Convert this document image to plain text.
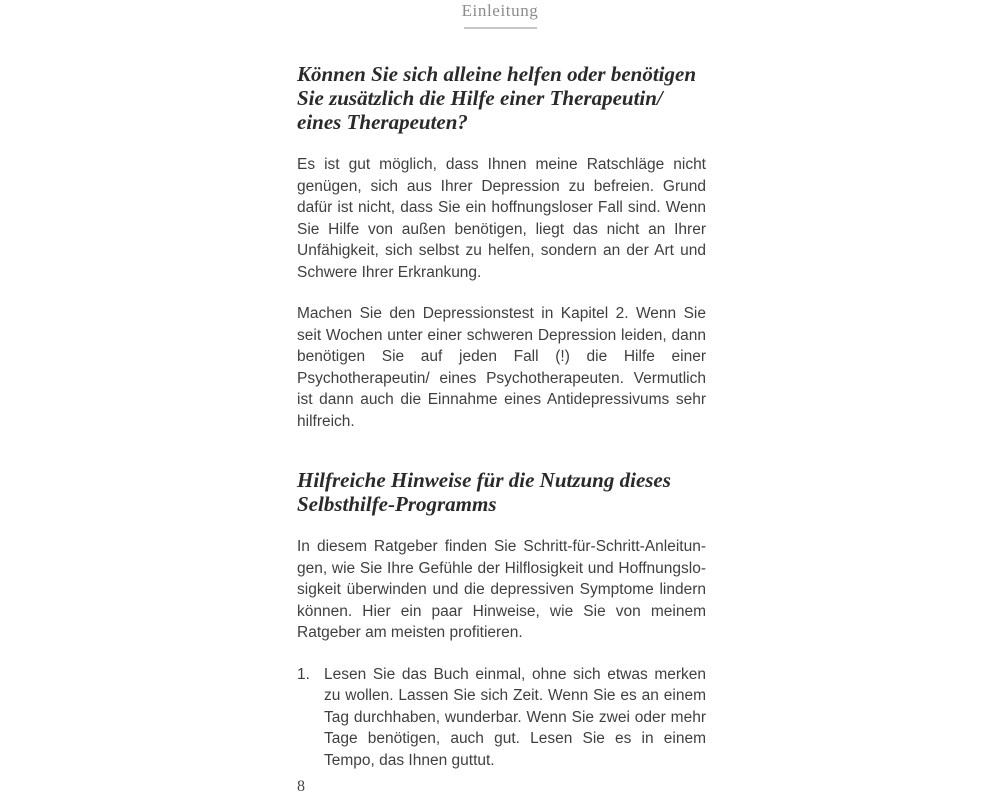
Einleitung
Können Sie sich alleine helfen oder benötigen Sie zusätzlich die Hilfe einer Therapeutin/ eines Therapeuten?

Es ist gut möglich, dass Ihnen meine Ratschläge nicht genügen, sich aus Ihrer Depression zu befreien. Grund dafür ist nicht, dass Sie ein hoffnungsloser Fall sind. Wenn Sie Hilfe von außen benötigen, liegt das nicht an Ihrer Unfähigkeit, sich selbst zu helfen, sondern an der Art und Schwere Ihrer Erkrankung.

Machen Sie den Depressionstest in Kapitel 2. Wenn Sie seit Wochen unter einer schweren Depression leiden, dann benötigen Sie auf jeden Fall (!) die Hilfe einer Psychotherapeutin/ eines Psychotherapeuten. Vermutlich ist dann auch die Einnahme eines Antidepressivums sehr hilfreich.

Hilfreiche Hinweise für die Nutzung dieses Selbsthilfe-Programms

In diesem Ratgeber finden Sie Schritt-für-Schritt-Anleitungen, wie Sie Ihre Gefühle der Hilflosigkeit und Hoffnungslosigkeit überwinden und die depressiven Symptome lindern können. Hier ein paar Hinweise, wie Sie von meinem Ratgeber am meisten profitieren.

1. Lesen Sie das Buch einmal, ohne sich etwas merken zu wollen. Lassen Sie sich Zeit. Wenn Sie es an einem Tag durchhaben, wunderbar. Wenn Sie zwei oder mehr Tage benötigen, auch gut. Lesen Sie es in einem Tempo, das Ihnen guttut.
8
